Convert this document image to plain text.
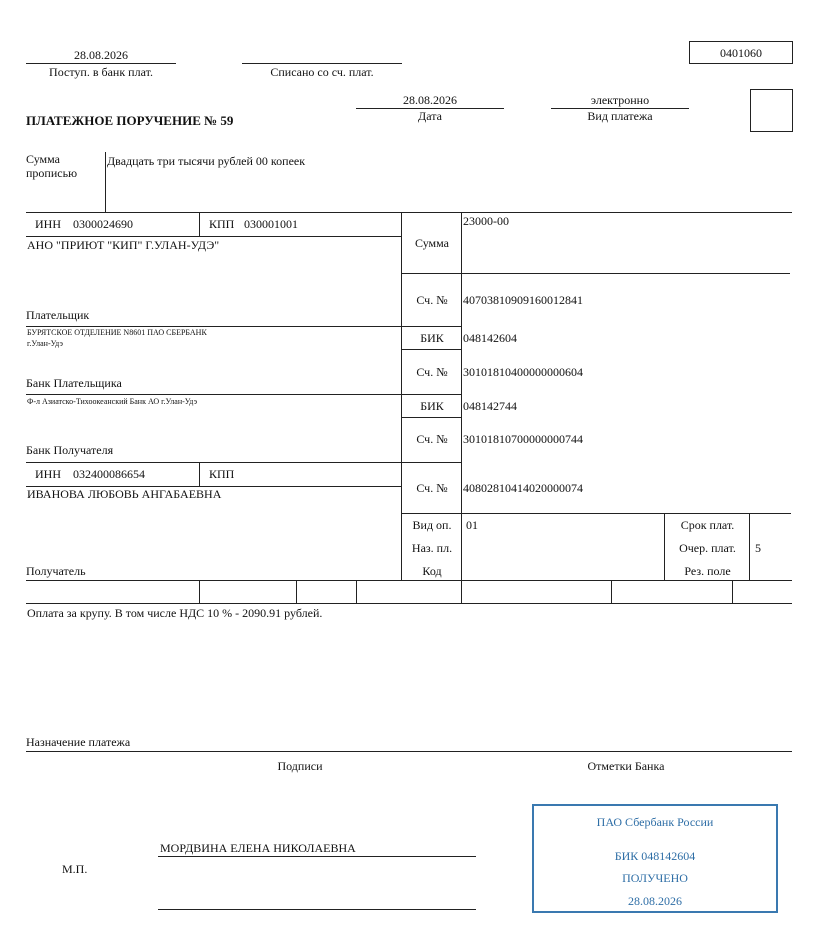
28.08.2026
Поступ. в банк плат.	Списано со сч. плат.
0401060
ПЛАТЕЖНОЕ ПОРУЧЕНИЕ № 59
28.08.2026
Дата
электронно
Вид платежа
Сумма
прописью
Двадцать три тысячи рублей 00 копеек
ИНН 0300024690	КПП 030001001
АНО "ПРИЮТ "КИП" Г.УЛАН-УДЭ"
Плательщик
Сумма
23000-00
Сч. №	40703810909160012841
БУРЯТСКОЕ ОТДЕЛЕНИЕ N8601 ПАО СБЕРБАНК
г.Улан-Удэ
Банк Плательщика
БИК	048142604
Сч. №	30101810400000000604
Ф-л Азиатско-Тихоокеанский Банк АО г.Улан-Удэ
Банк Получателя
БИК	048142744
Сч. №	30101810700000000744
ИНН 032400086654	КПП
ИВАНОВА ЛЮБОВЬ АНГАБАЕВНА
Получатель
Сч. №	40802810414020000074
Вид оп.	01
Наз. пл.
Код
Срок плат.
Очер. плат.	5
Рез. поле
Оплата за крупу. В том числе НДС 10 % - 2090.91 рублей.
Назначение платежа
Подписи	Отметки Банка
М.П.
МОРДВИНА ЕЛЕНА НИКОЛАЕВНА
ПАО Сбербанк России
БИК 048142604
ПОЛУЧЕНО
28.08.2026
